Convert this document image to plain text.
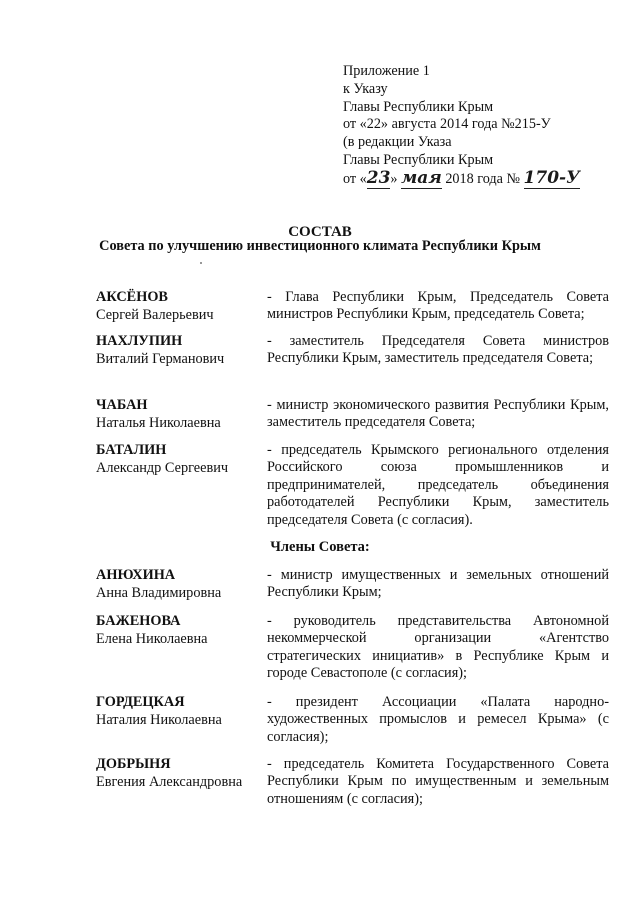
Приложение 1
к Указу
Главы Республики Крым
от «22» августа 2014 года №215-У
(в редакции Указа
Главы Республики Крым
от «23» мая 2018 года № 170-У
СОСТАВ
Совета по улучшению инвестиционного климата Республики Крым
АКСЁНОВ
Сергей Валерьевич
- Глава Республики Крым, Председатель Совета министров Республики Крым, председатель Совета;
НАХЛУПИН
Виталий Германович
- заместитель Председателя Совета министров Республики Крым, заместитель председателя Совета;
ЧАБАН
Наталья Николаевна
- министр экономического развития Республики Крым, заместитель председателя Совета;
БАТАЛИН
Александр Сергеевич
- председатель Крымского регионального отделения Российского союза промышленников и предпринимателей, председатель объединения работодателей Республики Крым, заместитель председателя Совета (с согласия).
Члены Совета:
АНЮХИНА
Анна Владимировна
- министр имущественных и земельных отношений Республики Крым;
БАЖЕНОВА
Елена Николаевна
- руководитель представительства Автономной некоммерческой организации «Агентство стратегических инициатив» в Республике Крым и городе Севастополе (с согласия);
ГОРДЕЦКАЯ
Наталия Николаевна
- президент Ассоциации «Палата народно-художественных промыслов и ремесел Крыма» (с согласия);
ДОБРЫНЯ
Евгения Александровна
- председатель Комитета Государственного Совета Республики Крым по имущественным и земельным отношениям (с согласия);
